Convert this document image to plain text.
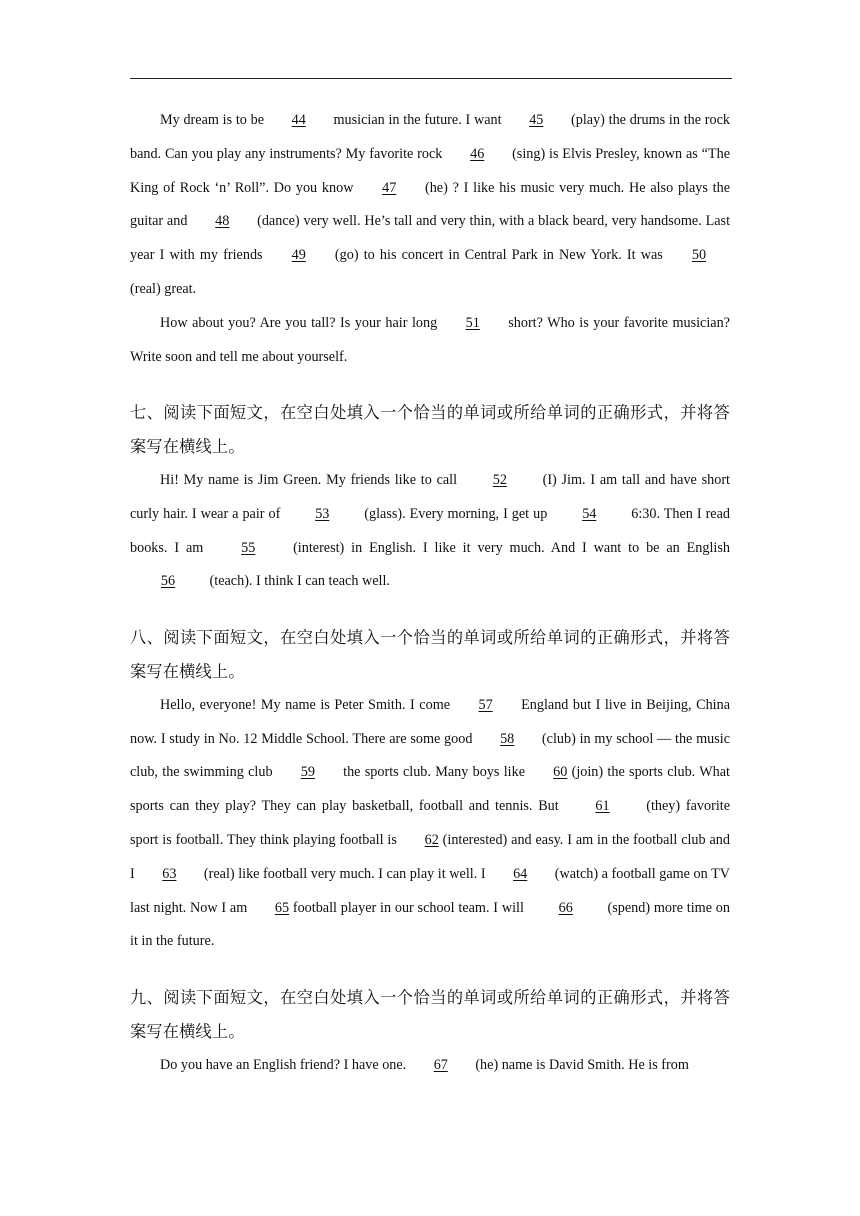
My dream is to be 44 musician in the future. I want 45 (play) the drums in the rock band. Can you play any instruments? My favorite rock 46 (sing) is Elvis Presley, known as “The King of Rock ‘n’ Roll”. Do you know 47 (he) ? I like his music very much. He also plays the guitar and 48 (dance) very well. He’s tall and very thin, with a black beard, very handsome. Last year I with my friends 49 (go) to his concert in Central Park in New York. It was 50 (real) great.

How about you? Are you tall? Is your hair long 51 short? Who is your favorite musician? Write soon and tell me about yourself.

七、阅读下面短文，在空白处填入一个恰当的单词或所给单词的正确形式，并将答案写在横线上。

Hi! My name is Jim Green. My friends like to call 52 (I) Jim. I am tall and have short curly hair. I wear a pair of 53 (glass). Every morning, I get up 54 6:30. Then I read books. I am 55 (interest) in English. I like it very much. And I want to be an English 56 (teach). I think I can teach well.

八、阅读下面短文，在空白处填入一个恰当的单词或所给单词的正确形式，并将答案写在横线上。

Hello, everyone! My name is Peter Smith. I come 57 England but I live in Beijing, China now. I study in No. 12 Middle School. There are some good 58 (club) in my school — the music club, the swimming club 59 the sports club. Many boys like 60 (join) the sports club. What sports can they play? They can play basketball, football and tennis. But 61 (they) favorite sport is football. They think playing football is 62 (interested) and easy. I am in the football club and I 63 (real) like football very much. I can play it well. I 64 (watch) a football game on TV last night. Now I am 65 football player in our school team. I will 66 (spend) more time on it in the future.

九、阅读下面短文，在空白处填入一个恰当的单词或所给单词的正确形式，并将答案写在横线上。

Do you have an English friend? I have one. 67 (he) name is David Smith. He is from
